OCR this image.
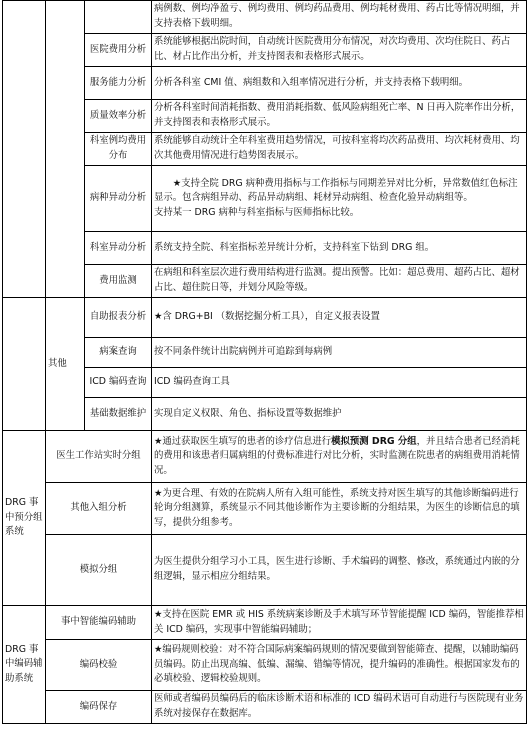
			病例数、例均净盈亏、例均费用、例均药品费用、例均耗材费用、药占比等情况明细，并支持表格下载明细。
		医院费用分析	系统能够根据出院时间，自动统计医院费用分布情况，对次均费用、次均住院日、药占比、材占比作出分析，并支持图表和表格形式展示。
		服务能力分析	分析各科室 CMI 值、病组数和入组率情况进行分析，并支持表格下载明细。
		质量效率分析	分析各科室时间消耗指数、费用消耗指数、低风险病组死亡率、N 日再入院率作出分析，并支持图表和表格形式展示。
		科室例均费用分布	系统能够自动统计全年科室费用趋势情况，可按科室将均次药品费用、均次耗材费用、均次其他费用情况进行趋势图表展示。
		病种异动分析	★支持全院 DRG 病种费用指标与工作指标与同期差异对比分析，异常数值红色标注显示。包含病组异动、药品异动病组、耗材异动病组、检查化验异动病组等。
支持某一 DRG 病种与科室指标与医师指标比较。

		科室异动分析	系统支持全院、科室指标差异统计分析，支持科室下钻到 DRG 组。
		费用监测	在病组和科室层次进行费用结构进行监测。提出预警。比如：超总费用、超药占比、超材占比、超住院日等，并划分风险等级。
	其他	自助报表分析	★含 DRG+BI （数据挖掘分析工具），自定义报表设置
		病案查询	按不同条件统计出院病例并可追踪到每病例
		ICD 编码查询	ICD 编码查询工具
		基础数据维护	实现自定义权限、角色、指标设置等数据维护
DRG 事中预分组系统	医生工作站实时分组		★通过获取医生填写的患者的诊疗信息进行模拟预测 DRG 分组，并且结合患者已经消耗的费用和该患者归属病组的付费标准进行对比分析，实时监测在院患者的病组费用消耗情况。
	其他入组分析		★为更合理、有效的在院病人所有入组可能性，系统支持对医生填写的其他诊断编码进行轮询分组测算，系统显示不同其他诊断作为主要诊断的分组结果，为医生的诊断信息的填写，提供分组参考。
	模拟分组		为医生提供分组学习小工具，医生进行诊断、手术编码的调整、修改，系统通过内嵌的分组逻辑，显示相应分组结果。
DRG 事中编码辅助系统	事中智能编码辅助		★支持在医院 EMR 或 HIS 系统病案诊断及手术填写环节智能提醒 ICD 编码，智能推荐相关 ICD 编码，实现事中智能编码辅助；
	编码校验		★编码规则校验：对不符合国际病案编码规则的情况要做到智能筛查、提醒，以辅助编码员编码。防止出现高编、低编、漏编、错编等情况，提升编码的准确性。根据国家发布的必填校验、逻辑校验规则。
	编码保存		医师或者编码员编码后的临床诊断术语和标准的 ICD 编码术语可自动进行与医院现有业务系统对接保存在数据库。
